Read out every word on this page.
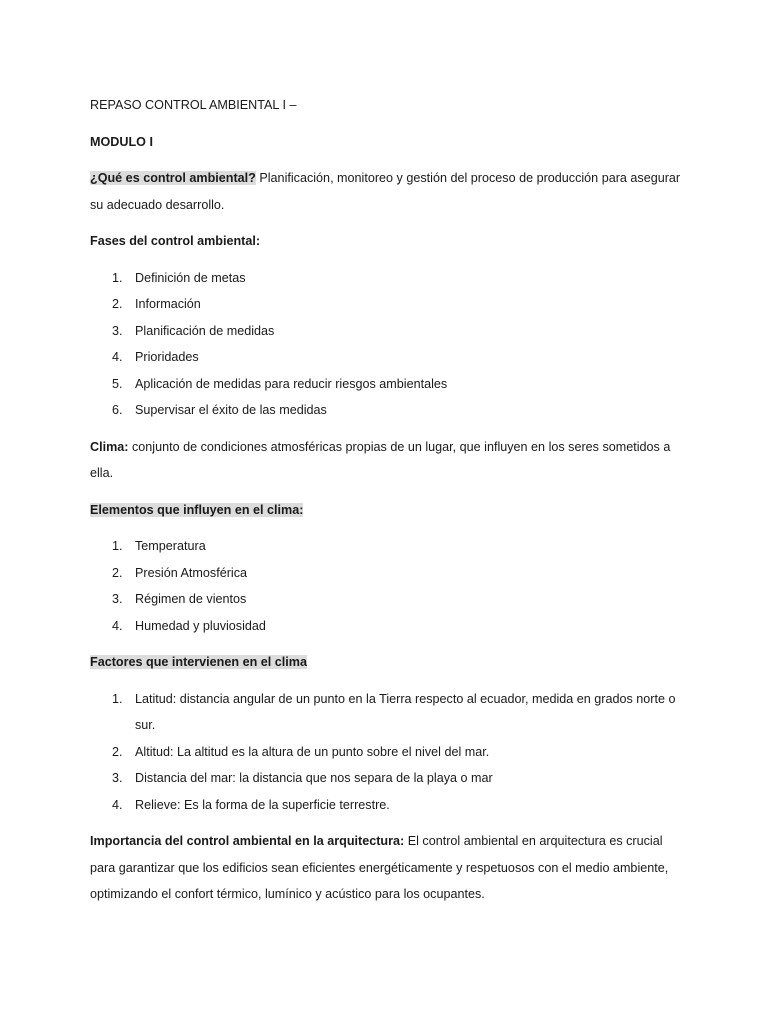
REPASO CONTROL AMBIENTAL I –

MODULO I

¿Qué es control ambiental? Planificación, monitoreo y gestión del proceso de producción para asegurar su adecuado desarrollo.

Fases del control ambiental:

1. Definición de metas
2. Información
3. Planificación de medidas
4. Prioridades
5. Aplicación de medidas para reducir riesgos ambientales
6. Supervisar el éxito de las medidas

Clima: conjunto de condiciones atmosféricas propias de un lugar, que influyen en los seres sometidos a ella.

Elementos que influyen en el clima:

1. Temperatura
2. Presión Atmosférica
3. Régimen de vientos
4. Humedad y pluviosidad

Factores que intervienen en el clima

1. Latitud: distancia angular de un punto en la Tierra respecto al ecuador, medida en grados norte o sur.
2. Altitud: La altitud es la altura de un punto sobre el nivel del mar.
3. Distancia del mar: la distancia que nos separa de la playa o mar
4. Relieve: Es la forma de la superficie terrestre.

Importancia del control ambiental en la arquitectura: El control ambiental en arquitectura es crucial para garantizar que los edificios sean eficientes energéticamente y respetuosos con el medio ambiente, optimizando el confort térmico, lumínico y acústico para los ocupantes.
